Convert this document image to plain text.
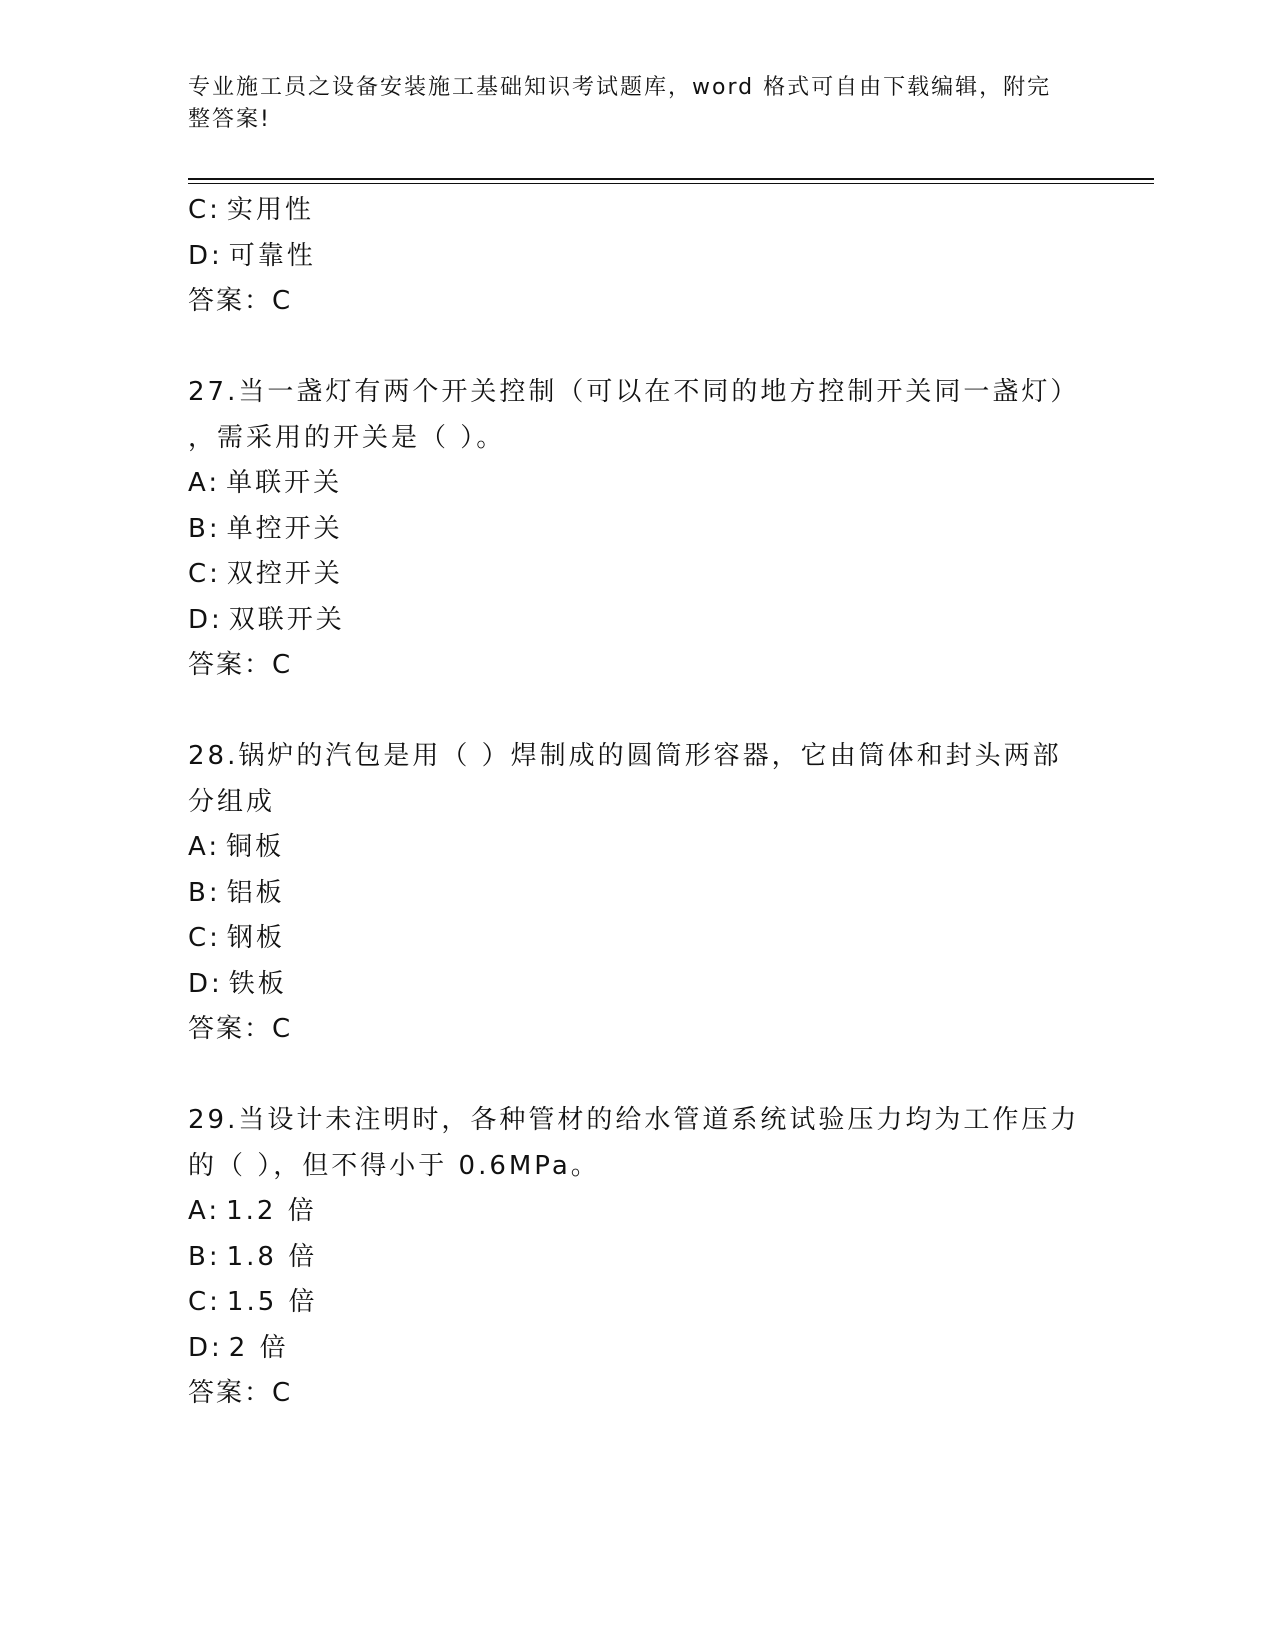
专业施工员之设备安装施工基础知识考试题库，word 格式可自由下载编辑，附完
整答案!
C: 实用性
D: 可靠性
答案：C
27.当一盏灯有两个开关控制（可以在不同的地方控制开关同一盏灯）
，需采用的开关是（ ）。
A: 单联开关
B: 单控开关
C: 双控开关
D: 双联开关
答案：C
28.锅炉的汽包是用（ ）焊制成的圆筒形容器，它由筒体和封头两部
分组成
A: 铜板
B: 铝板
C: 钢板
D: 铁板
答案：C
29.当设计未注明时，各种管材的给水管道系统试验压力均为工作压力
的（ ），但不得小于 0.6MPa。
A: 1.2 倍
B: 1.8 倍
C: 1.5 倍
D: 2 倍
答案：C
